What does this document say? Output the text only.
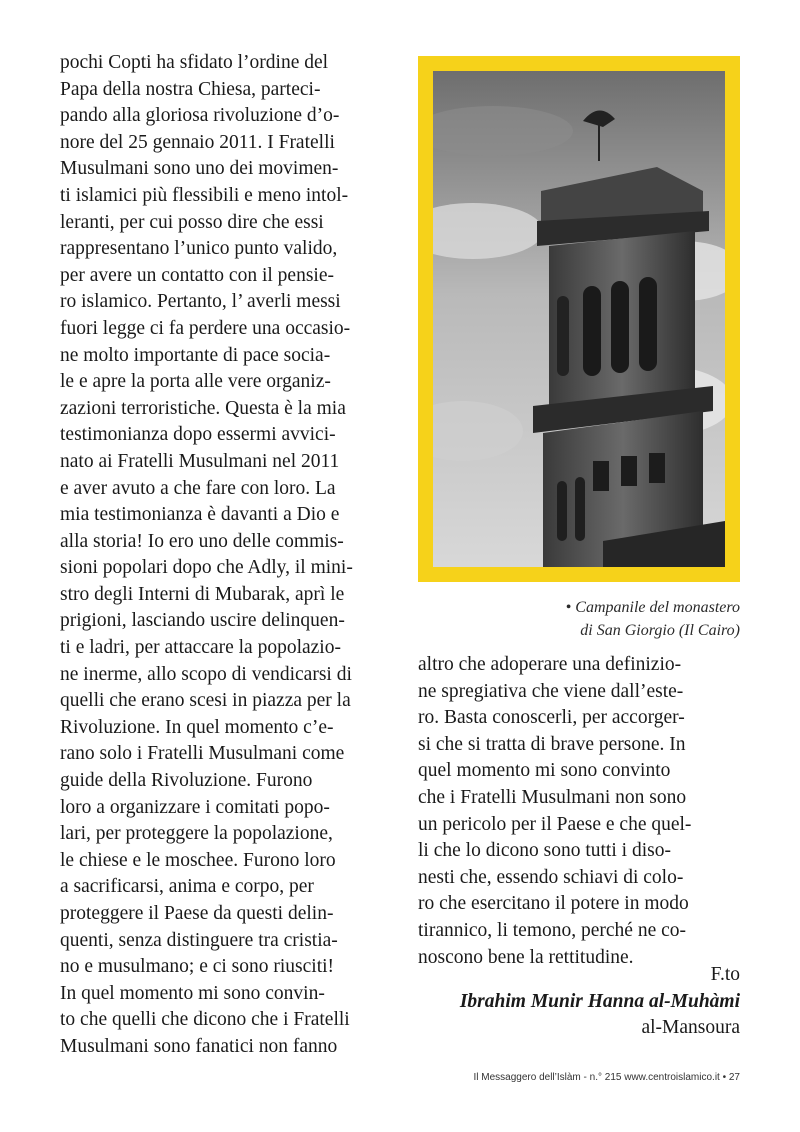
pochi Copti ha sfidato l’ordine del
Papa della nostra Chiesa, parteci-
pando alla gloriosa rivoluzione d’o-
nore del 25 gennaio 2011. I Fratelli
Musulmani sono uno dei movimen-
ti islamici più flessibili e meno intol-
leranti, per cui posso dire che essi
rappresentano l’unico punto valido,
per avere un contatto con il pensie-
ro islamico. Pertanto, l’ averli messi
fuori legge ci fa perdere una occasio-
ne molto importante di pace socia-
le e apre la porta alle vere organiz-
zazioni terroristiche. Questa è la mia
testimonianza dopo essermi avvici-
nato ai Fratelli Musulmani nel 2011
e aver avuto a che fare con loro. La
mia testimonianza è davanti a Dio e
alla storia! Io ero uno delle commis-
sioni popolari dopo che Adly, il mini-
stro degli Interni di Mubarak, aprì le
prigioni, lasciando uscire delinquen-
ti e ladri, per attaccare la popolazio-
ne inerme, allo scopo di vendicarsi di
quelli che erano scesi in piazza per la
Rivoluzione. In quel momento c’e-
rano solo i Fratelli Musulmani come
guide della Rivoluzione. Furono
loro a organizzare i comitati popo-
lari, per proteggere la popolazione,
le chiese e le moschee. Furono loro
a sacrificarsi, anima e corpo, per
proteggere il Paese da questi delin-
quenti, senza distinguere tra cristia-
no e musulmano; e ci sono riusciti!
In quel momento mi sono convin-
to che quelli che dicono che i Fratelli
Musulmani sono fanatici non fanno
• Campanile del monastero
di San Giorgio (Il Cairo)
altro che adoperare una definizio-
ne spregiativa che viene dall’este-
ro. Basta conoscerli, per accorger-
si che si tratta di brave persone. In
quel momento mi sono convinto
che i Fratelli Musulmani non sono
un pericolo per il Paese e che quel-
li che lo dicono sono tutti i diso-
nesti che, essendo schiavi di colo-
ro che esercitano il potere in modo
tirannico, li temono, perché ne co-
noscono bene la rettitudine.
F.to
Ibrahim Munir Hanna al-Muhàmi
al-Mansoura
Il Messaggero dell’Islàm - n.° 215 www.centroislamico.it • 27
